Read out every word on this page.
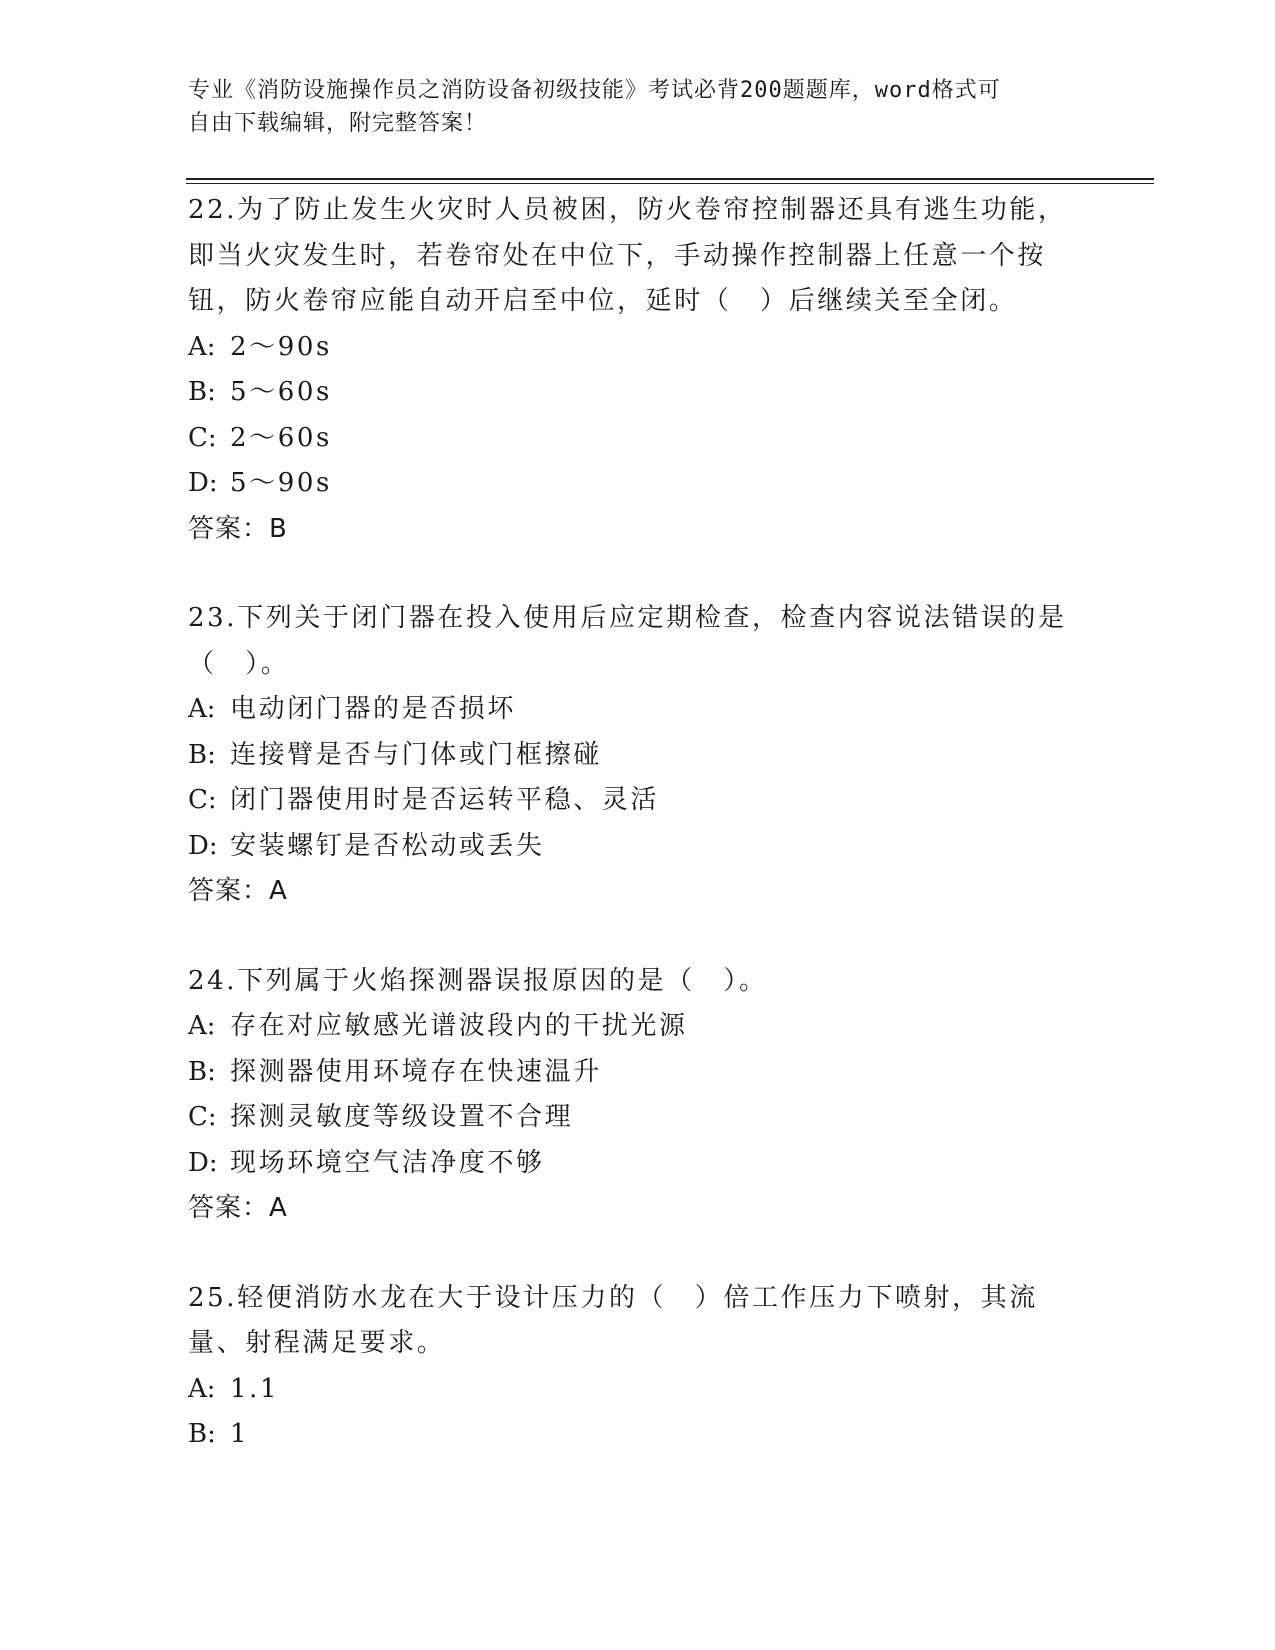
专业《消防设施操作员之消防设备初级技能》考试必背200题题库，word格式可
自由下载编辑，附完整答案！

22.为了防止发生火灾时人员被困，防火卷帘控制器还具有逃生功能，即当火灾发生时，若卷帘处在中位下，手动操作控制器上任意一个按钮，防火卷帘应能自动开启至中位，延时（　）后继续关至全闭。

A: 2～90s
B: 5～60s
C: 2～60s
D: 5～90s
答案：B

23.下列关于闭门器在投入使用后应定期检查，检查内容说法错误的是（　）。

A: 电动闭门器的是否损坏
B: 连接臂是否与门体或门框擦碰
C: 闭门器使用时是否运转平稳、灵活
D: 安装螺钉是否松动或丢失
答案：A

24.下列属于火焰探测器误报原因的是（　）。

A: 存在对应敏感光谱波段内的干扰光源
B: 探测器使用环境存在快速温升
C: 探测灵敏度等级设置不合理
D: 现场环境空气洁净度不够
答案：A

25.轻便消防水龙在大于设计压力的（　）倍工作压力下喷射，其流量、射程满足要求。

A: 1.1
B: 1
